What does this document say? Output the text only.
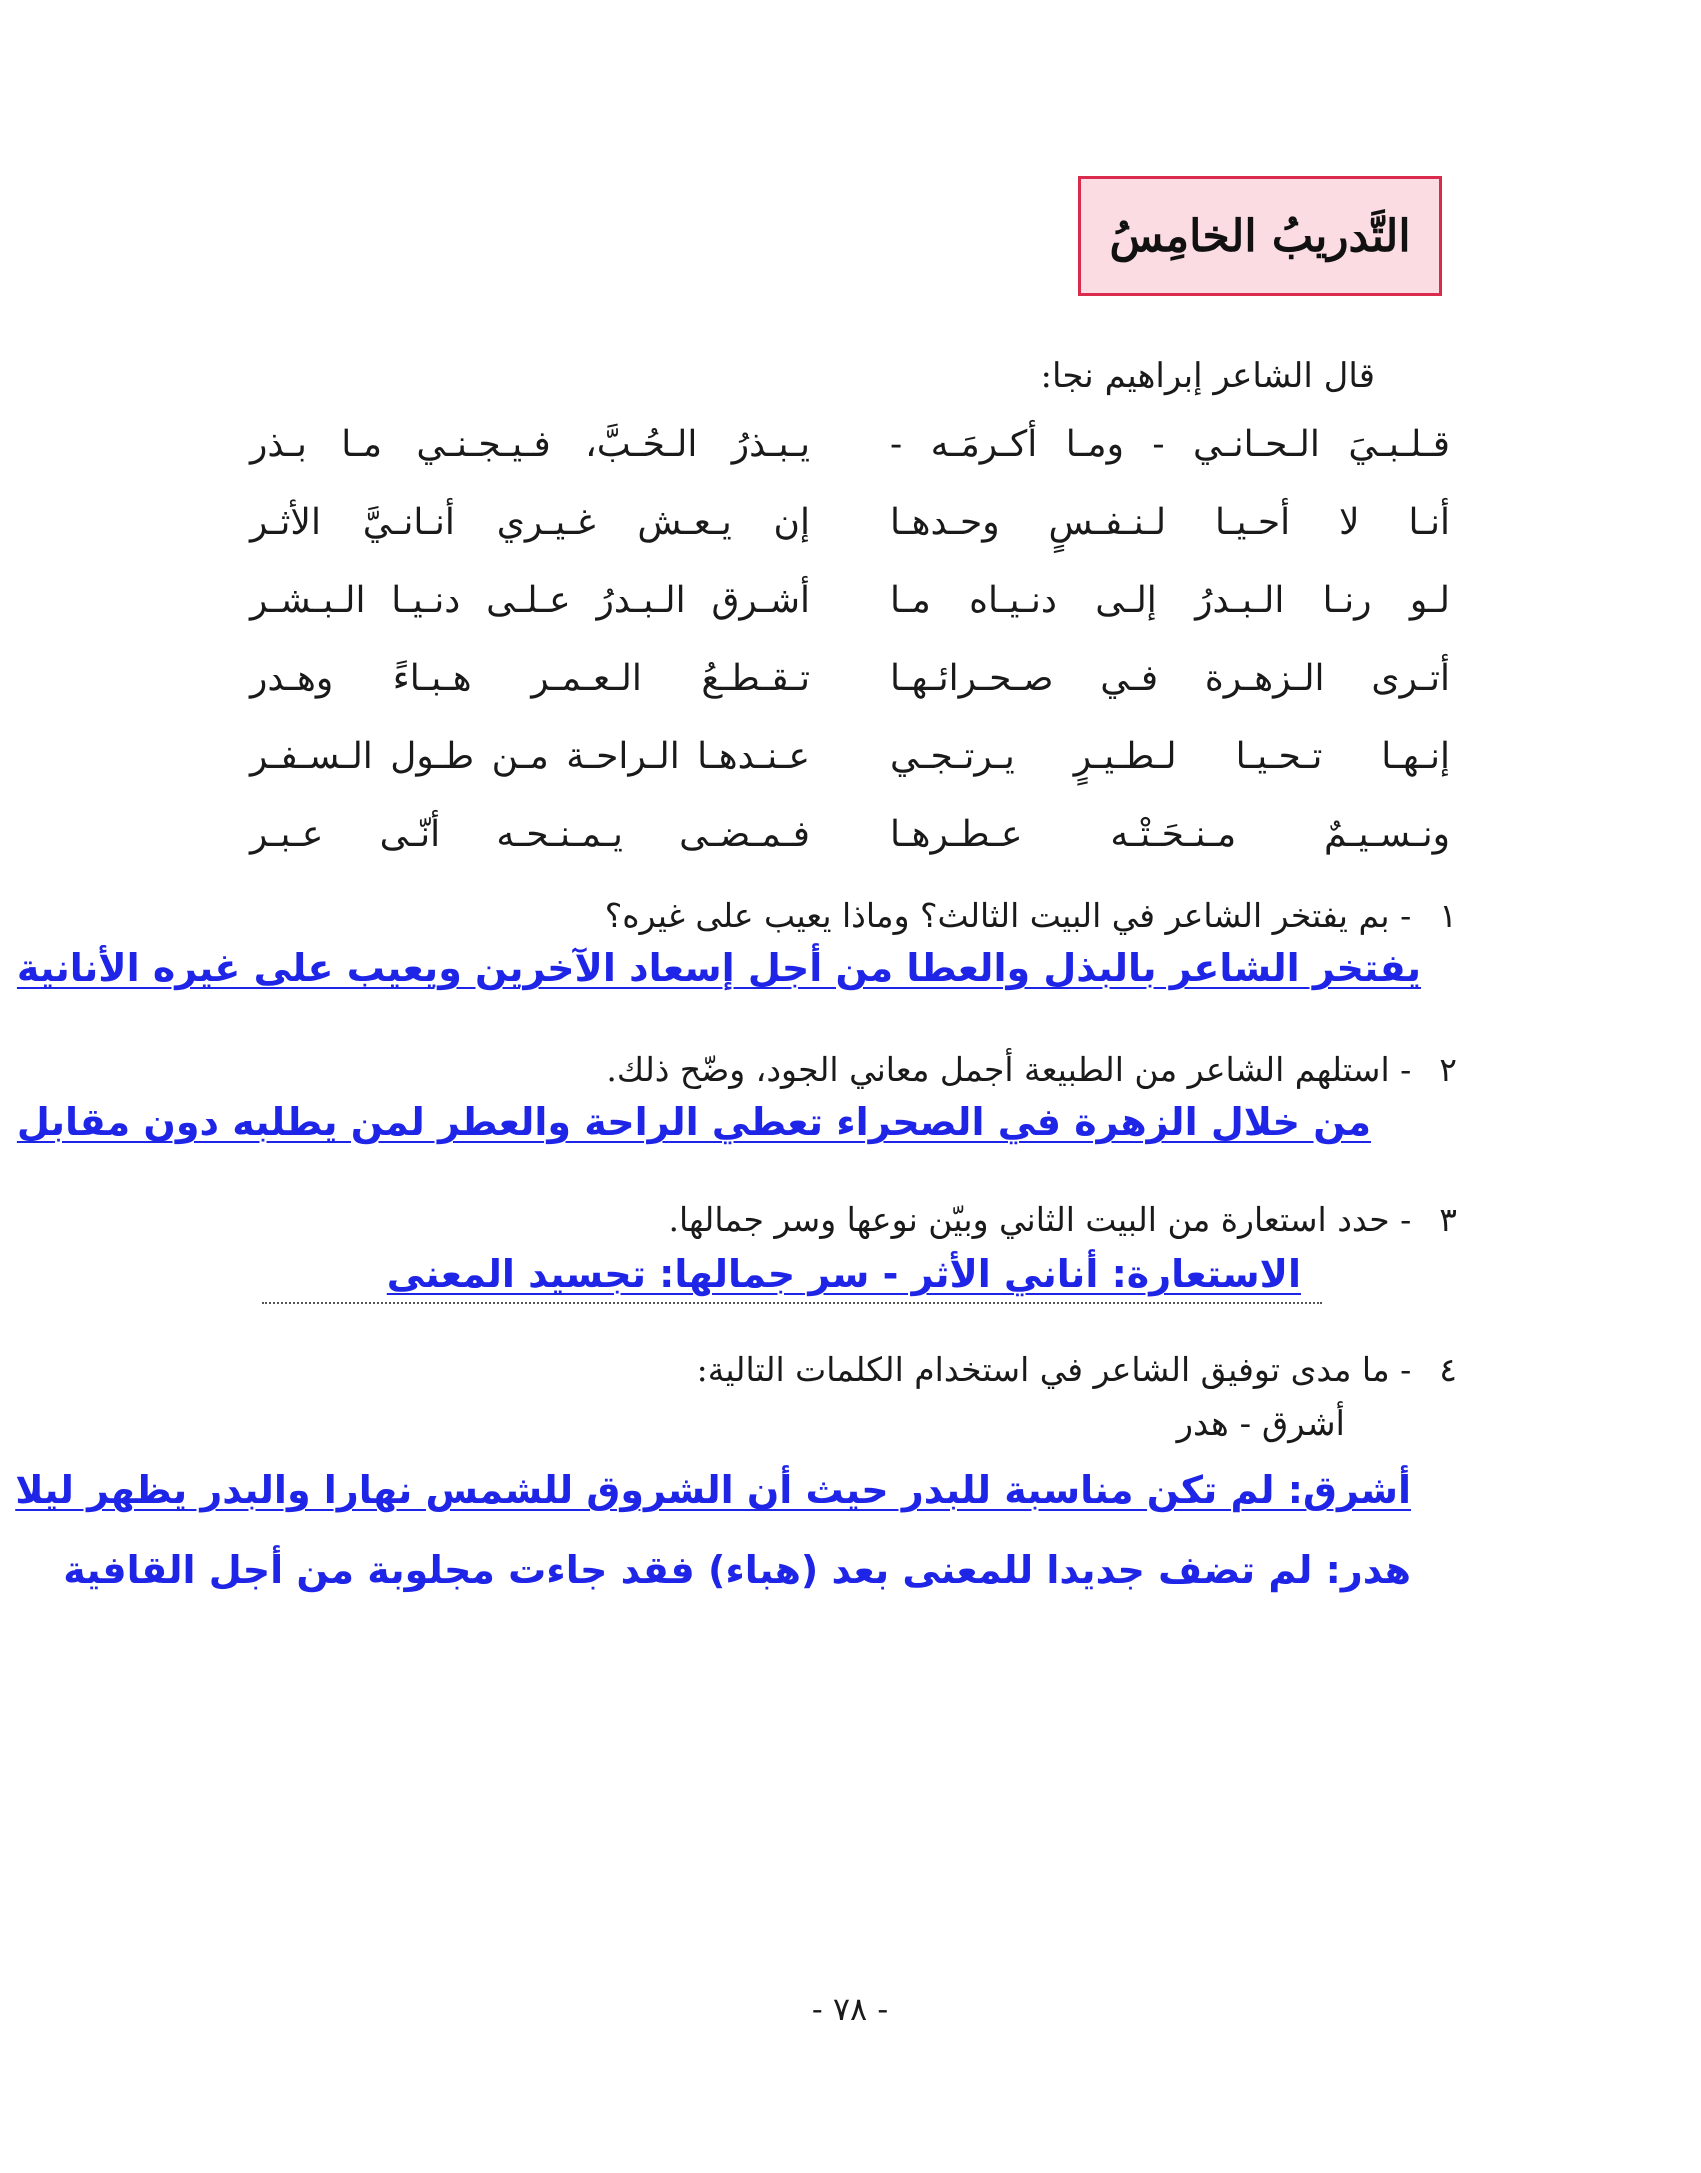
التَّدريبُ الخامِسُ
قال الشاعر إبراهيم نجا:
قـلـبـيَ الـحـانـي - ومـا أكـرمَـه -
يـبـذرُ الـحُـبَّ، فـيـجـنـي مـا بـذر
أنـا لا أحـيـا لـنـفـسٍ وحـدهـا
إن يـعـش غـيـري أنـانـيَّ الأثـر
لـو رنـا الـبـدرُ إلـى دنـيـاه مـا
أشـرق الـبـدرُ عـلـى دنـيـا الـبـشـر
أتـرى الـزهـرة فـي صـحـرائـهـا
تـقـطـعُ الـعـمـر هـبـاءً وهـدر
إنـهـا تـحـيـا لـطـيـرٍ يـرتـجـي
عـنـدهـا الـراحـة مـن طـول الـسـفـر
ونـسـيـمٌ مـنـحَـتْـه عـطـرهـا
فـمـضـى يـمـنـحـه أنّـى عـبـر
١- بم يفتخر الشاعر في البيت الثالث؟ وماذا يعيب على غيره؟
يفتخر الشاعر بالبذل والعطا من أجل إسعاد الآخرين ويعيب على غيره الأنانية
٢- استلهم الشاعر من الطبيعة أجمل معاني الجود، وضّح ذلك.
من خلال الزهرة في الصحراء تعطي الراحة والعطر لمن يطلبه دون مقابل
٣- حدد استعارة من البيت الثاني وبيّن نوعها وسر جمالها.
الاستعارة: أناني الأثر - سر جمالها: تجسيد المعنى
٤- ما مدى توفيق الشاعر في استخدام الكلمات التالية:
أشرق - هدر
أشرق: لم تكن مناسبة للبدر حيث أن الشروق للشمس نهارا والبدر يظهر ليلا
هدر: لم تضف جديدا للمعنى بعد (هباء) فقد جاءت مجلوبة من أجل القافية
- ٧٨ -
